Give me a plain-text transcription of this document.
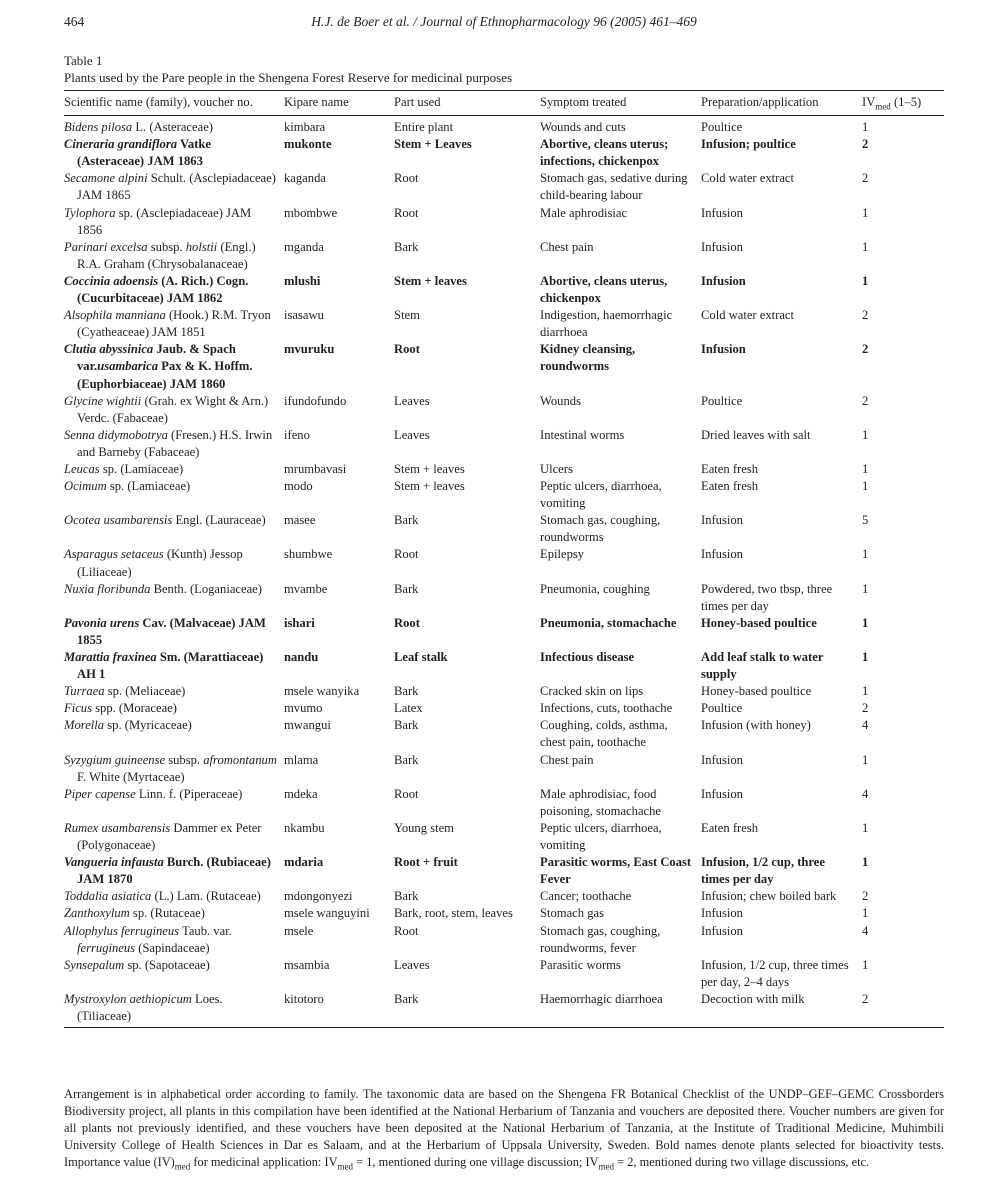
464	H.J. de Boer et al. / Journal of Ethnopharmacology 96 (2005) 461–469
Table 1
Plants used by the Pare people in the Shengena Forest Reserve for medicinal purposes
Scientific name (family), voucher no.	Kipare name	Part used	Symptom treated	Preparation/application	$IV_{med}$ (1–5)

Bidens pilosa L. (Asteraceae)	kimbara	Entire plant	Wounds and cuts	Poultice	1

Cineraria grandiflora Vatke (Asteraceae) JAM 1863	mukonte	Stem + Leaves	Abortive, cleans uterus; infections, chickenpox	Infusion; poultice	2

Secamone alpini Schult. (Asclepiadaceae) JAM 1865	kaganda	Root	Stomach gas, sedative during child-bearing labour	Cold water extract	2

Tylophora sp. (Asclepiadaceae) JAM 1856	mbombwe	Root	Male aphrodisiac	Infusion	1

Parinari excelsa subsp. holstii (Engl.) R.A. Graham (Chrysobalanaceae)	mganda	Bark	Chest pain	Infusion	1

Coccinia adoensis (A. Rich.) Cogn. (Cucurbitaceae) JAM 1862	mlushi	Stem + leaves	Abortive, cleans uterus, chickenpox	Infusion	1

Alsophila manniana (Hook.) R.M. Tryon (Cyatheaceae) JAM 1851	isasawu	Stem	Indigestion, haemorrhagic diarrhoea	Cold water extract	2

Clutia abyssinica Jaub. & Spach var.usambarica Pax & K. Hoffm. (Euphorbiaceae) JAM 1860	mvuruku	Root	Kidney cleansing, roundworms	Infusion	2

Glycine wightii (Grah. ex Wight & Arn.) Verdc. (Fabaceae)	ifundofundo	Leaves	Wounds	Poultice	2

Senna didymobotrya (Fresen.) H.S. Irwin and Barneby (Fabaceae)	ifeno	Leaves	Intestinal worms	Dried leaves with salt	1

Leucas sp. (Lamiaceae)	mrumbavasi	Stem + leaves	Ulcers	Eaten fresh	1

Ocimum sp. (Lamiaceae)	modo	Stem + leaves	Peptic ulcers, diarrhoea, vomiting	Eaten fresh	1

Ocotea usambarensis Engl. (Lauraceae)	masee	Bark	Stomach gas, coughing, roundworms	Infusion	5

Asparagus setaceus (Kunth) Jessop (Liliaceae)	shumbwe	Root	Epilepsy	Infusion	1

Nuxia floribunda Benth. (Loganiaceae)	mvambe	Bark	Pneumonia, coughing	Powdered, two tbsp, three times per day	1

Pavonia urens Cav. (Malvaceae) JAM 1855	ishari	Root	Pneumonia, stomachache	Honey-based poultice	1

Marattia fraxinea Sm. (Marattiaceae) AH 1	nandu	Leaf stalk	Infectious disease	Add leaf stalk to water supply	1

Turraea sp. (Meliaceae)	msele wanyika	Bark	Cracked skin on lips	Honey-based poultice	1

Ficus spp. (Moraceae)	mvumo	Latex	Infections, cuts, toothache	Poultice	2

Morella sp. (Myricaceae)	mwangui	Bark	Coughing, colds, asthma, chest pain, toothache	Infusion (with honey)	4

Syzygium guineense subsp. afromontanum F. White (Myrtaceae)	mlama	Bark	Chest pain	Infusion	1

Piper capense Linn. f. (Piperaceae)	mdeka	Root	Male aphrodisiac, food poisoning, stomachache	Infusion	4

Rumex usambarensis Dammer ex Peter (Polygonaceae)	nkambu	Young stem	Peptic ulcers, diarrhoea, vomiting	Eaten fresh	1

Vangueria infausta Burch. (Rubiaceae) JAM 1870	mdaria	Root + fruit	Parasitic worms, East Coast Fever	Infusion, 1/2 cup, three times per day	1

Toddalia asiatica (L.) Lam. (Rutaceae)	mdongonyezi	Bark	Cancer; toothache	Infusion; chew boiled bark	2

Zanthoxylum sp. (Rutaceae)	msele wanguyini	Bark, root, stem, leaves	Stomach gas	Infusion	1

Allophylus ferrugineus Taub. var. ferrugineus (Sapindaceae)	msele	Root	Stomach gas, coughing, roundworms, fever	Infusion	4

Synsepalum sp. (Sapotaceae)	msambia	Leaves	Parasitic worms	Infusion, 1/2 cup, three times per day, 2–4 days	1

Mystroxylon aethiopicum Loes. (Tiliaceae)	kitotoro	Bark	Haemorrhagic diarrhoea	Decoction with milk	2
Arrangement is in alphabetical order according to family. The taxonomic data are based on the Shengena FR Botanical Checklist of the UNDP–GEF–GEMC Crossborders Biodiversity project, all plants in this compilation have been identified at the National Herbarium of Tanzania and vouchers are deposited there. Voucher numbers are given for all plants not previously identified, and these vouchers have been deposited at the National Herbarium of Tanzania, at the Institute of Traditional Medicine, Muhimbili University College of Health Sciences in Dar es Salaam, and at the Herbarium of Uppsala University, Sweden. Bold names denote plants selected for bioactivity tests. Importance value $(IV)_{med}$ for medicinal application: $IV_{med} = 1$, mentioned during one village discussion; $IV_{med} = 2$, mentioned during two village discussions, etc.
